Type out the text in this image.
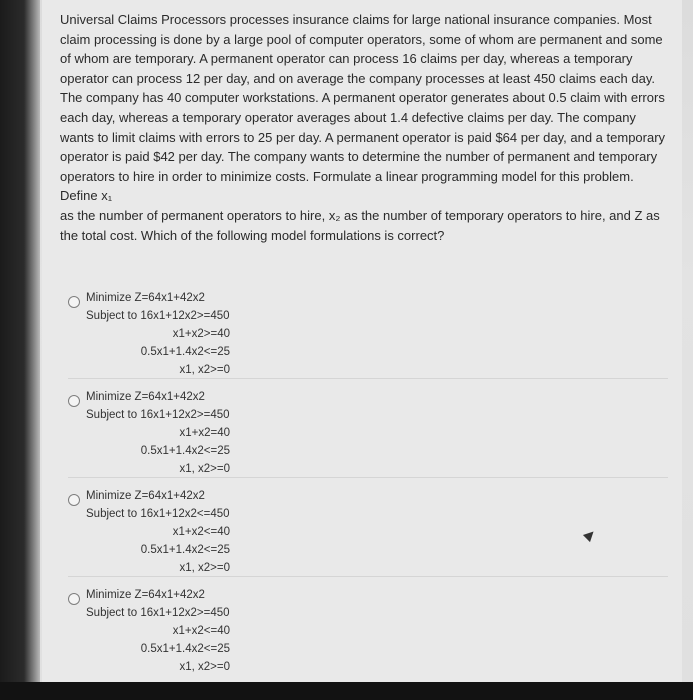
Universal Claims Processors processes insurance claims for large national insurance companies. Most claim processing is done by a large pool of computer operators, some of whom are permanent and some of whom are temporary. A permanent operator can process 16 claims per day, whereas a temporary operator can process 12 per day, and on average the company processes at least 450 claims each day. The company has 40 computer workstations. A permanent operator generates about 0.5 claim with errors each day, whereas a temporary operator averages about 1.4 defective claims per day. The company wants to limit claims with errors to 25 per day. A permanent operator is paid $64 per day, and a temporary operator is paid $42 per day. The company wants to determine the number of permanent and temporary operators to hire in order to minimize costs. Formulate a linear programming model for this problem. Define x₁

as the number of permanent operators to hire, x₂ as the number of temporary operators to hire, and Z as the total cost. Which of the following model formulations is correct?

Minimize Z=64x1+42x2
Subject to 16x1+12x2>=450
x1+x2>=40
0.5x1+1.4x2<=25
x1, x2>=0
Minimize Z=64x1+42x2
Subject to 16x1+12x2>=450
x1+x2=40
0.5x1+1.4x2<=25
x1, x2>=0
Minimize Z=64x1+42x2
Subject to 16x1+12x2<=450
x1+x2<=40
0.5x1+1.4x2<=25
x1, x2>=0
Minimize Z=64x1+42x2
Subject to 16x1+12x2>=450
x1+x2<=40
0.5x1+1.4x2<=25
x1, x2>=0
